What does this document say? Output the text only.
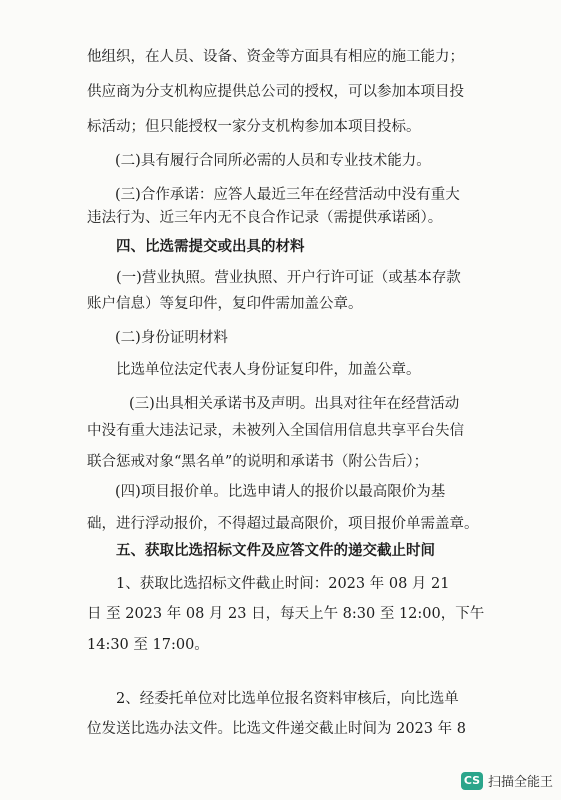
他组织，在人员、设备、资金等方面具有相应的施工能力；
供应商为分支机构应提供总公司的授权，可以参加本项目投
标活动；但只能授权一家分支机构参加本项目投标。
(二)具有履行合同所必需的人员和专业技术能力。
(三)合作承诺：应答人最近三年在经营活动中没有重大
违法行为、近三年内无不良合作记录（需提供承诺函）。
四、比选需提交或出具的材料
(一)营业执照。营业执照、开户行许可证（或基本存款
账户信息）等复印件，复印件需加盖公章。
(二)身份证明材料
比选单位法定代表人身份证复印件，加盖公章。
(三)出具相关承诺书及声明。出具对往年在经营活动
中没有重大违法记录，未被列入全国信用信息共享平台失信
联合惩戒对象“黑名单”的说明和承诺书（附公告后）；
(四)项目报价单。比选申请人的报价以最高限价为基
础，进行浮动报价，不得超过最高限价，项目报价单需盖章。
五、获取比选招标文件及应答文件的递交截止时间
1、获取比选招标文件截止时间：2023 年 08 月 21
日 至 2023 年 08 月 23 日，每天上午 8:30 至 12:00，下午
14:30 至 17:00。
2、经委托单位对比选单位报名资料审核后，向比选单
位发送比选办法文件。比选文件递交截止时间为 2023 年 8
CS 扫描全能王
